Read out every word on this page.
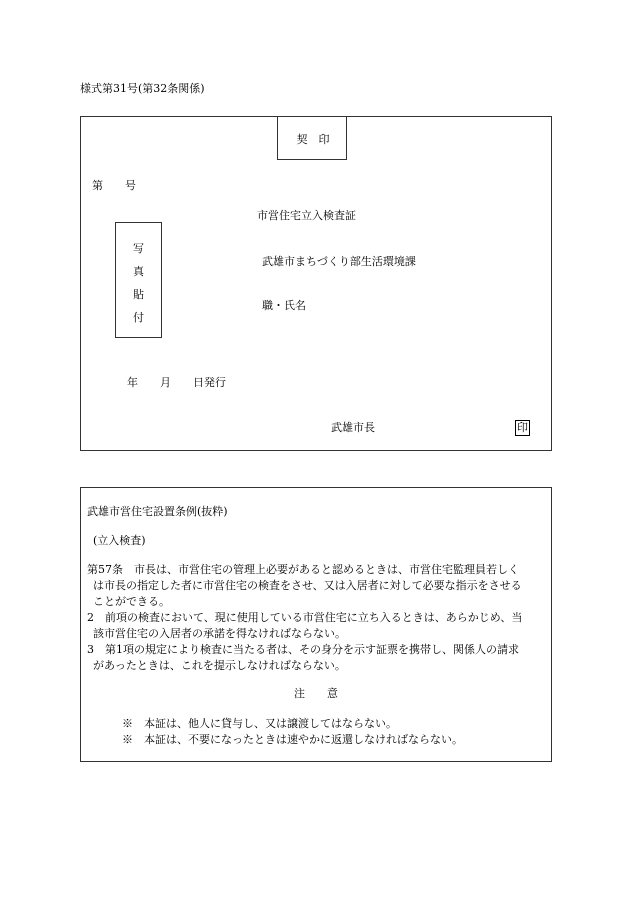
様式第31号(第32条関係)
契　印
第　　号
市営住宅立入検査証
写
真
貼
付
武雄市まちづくり部生活環境課
職・氏名
年　　月　　日発行
武雄市長	印
武雄市営住宅設置条例(抜粋)
(立入検査)
第57条　市長は、市営住宅の管理上必要があると認めるときは、市営住宅監理員若しく
は市長の指定した者に市営住宅の検査をさせ、又は入居者に対して必要な指示をさせる
ことができる。
2　前項の検査において、現に使用している市営住宅に立ち入るときは、あらかじめ、当
該市営住宅の入居者の承諾を得なければならない。
3　第1項の規定により検査に当たる者は、その身分を示す証票を携帯し、関係人の請求
があったときは、これを提示しなければならない。
注　　意
※　本証は、他人に貸与し、又は譲渡してはならない。
※　本証は、不要になったときは速やかに返還しなければならない。
